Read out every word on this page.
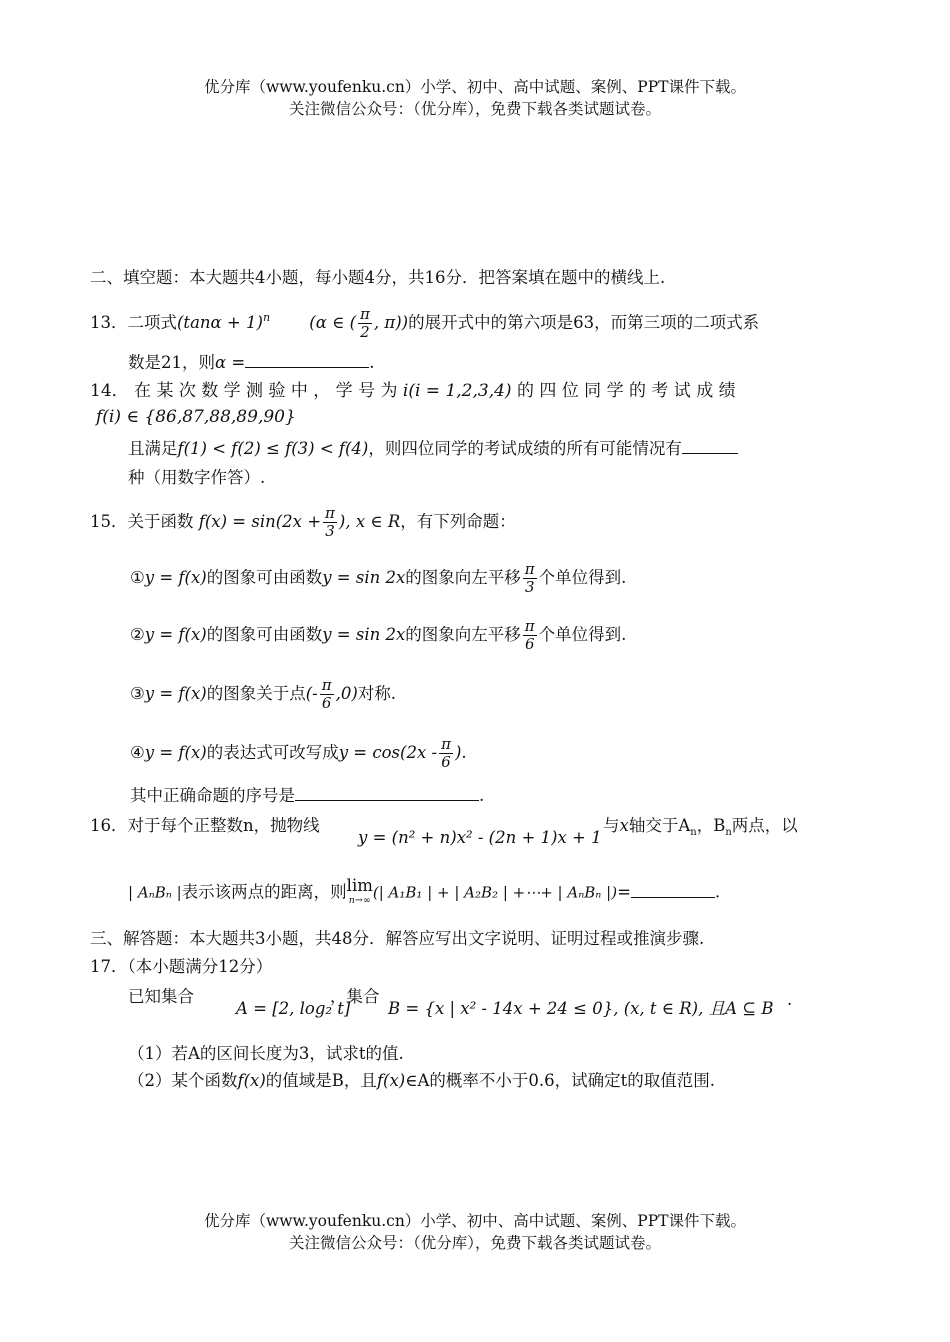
优分库（www.youfenku.cn）小学、初中、高中试题、案例、PPT课件下载。
关注微信公众号：（优分库），免费下载各类试题试卷。
二、填空题：本大题共4小题，每小题4分，共16分．把答案填在题中的横线上.
13．二项式$(\tan\alpha + 1)^n$ (α ∈ ( $\frac{\pi}{2}$ , π))的展开式中的第六项是63，而第三项的二项式系
数是21，则α =	.
14． 在 某 次 数 学 测 验 中 ， 学 号 为 i(i = 1,2,3,4) 的 四 位 同 学 的 考 试 成 绩
f(i) ∈ {86,87,88,89,90}
且满足f(1) < f(2) ≤ f(3) < f(4)，则四位同学的考试成绩的所有可能情况有
种（用数字作答）.
15．关于函数 $f(x) = \sin(2x + \frac{\pi}{3}$ ), x ∈ R，有下列命题：
①y = f(x)的图象可由函数y = sin 2x的图象向左平移 $\frac{\pi}{3}$ 个单位得到.
②y = f(x)的图象可由函数y = sin 2x的图象向左平移 $\frac{\pi}{6}$ 个单位得到.
③y = f(x)的图象关于点(- $\frac{\pi}{6} ,0$)对称.
④y = f(x)的表达式可改写成$y = \cos(2x - \frac{\pi}{6}$ ).
其中正确命题的序号是	.
16．对于每个正整数n，抛物线
y = (n² + n)x² - (2n + 1)x + 1
与x轴交于$A_n$，$B_n$两点，以
| AₙBₙ |表示该两点的距离，则 lim
n→∞ (| A₁B₁ | + | A₂B₂ | +⋯+ | AₙBₙ |)=	.
三、解答题：本大题共3小题，共48分．解答应写出文字说明、证明过程或推演步骤.
17．（本小题满分12分）
已知集合
A = [2, log₂ t]
，集合
B = {x | x² - 14x + 24 ≤ 0}, (x, t ∈ R), 且A ⊆ B .
（1）若A的区间长度为3，试求t的值.
（2）某个函数f(x)的值域是B，且f(x)∈A的概率不小于0.6，试确定t的取值范围.
优分库（www.youfenku.cn）小学、初中、高中试题、案例、PPT课件下载。
关注微信公众号：（优分库），免费下载各类试题试卷。
